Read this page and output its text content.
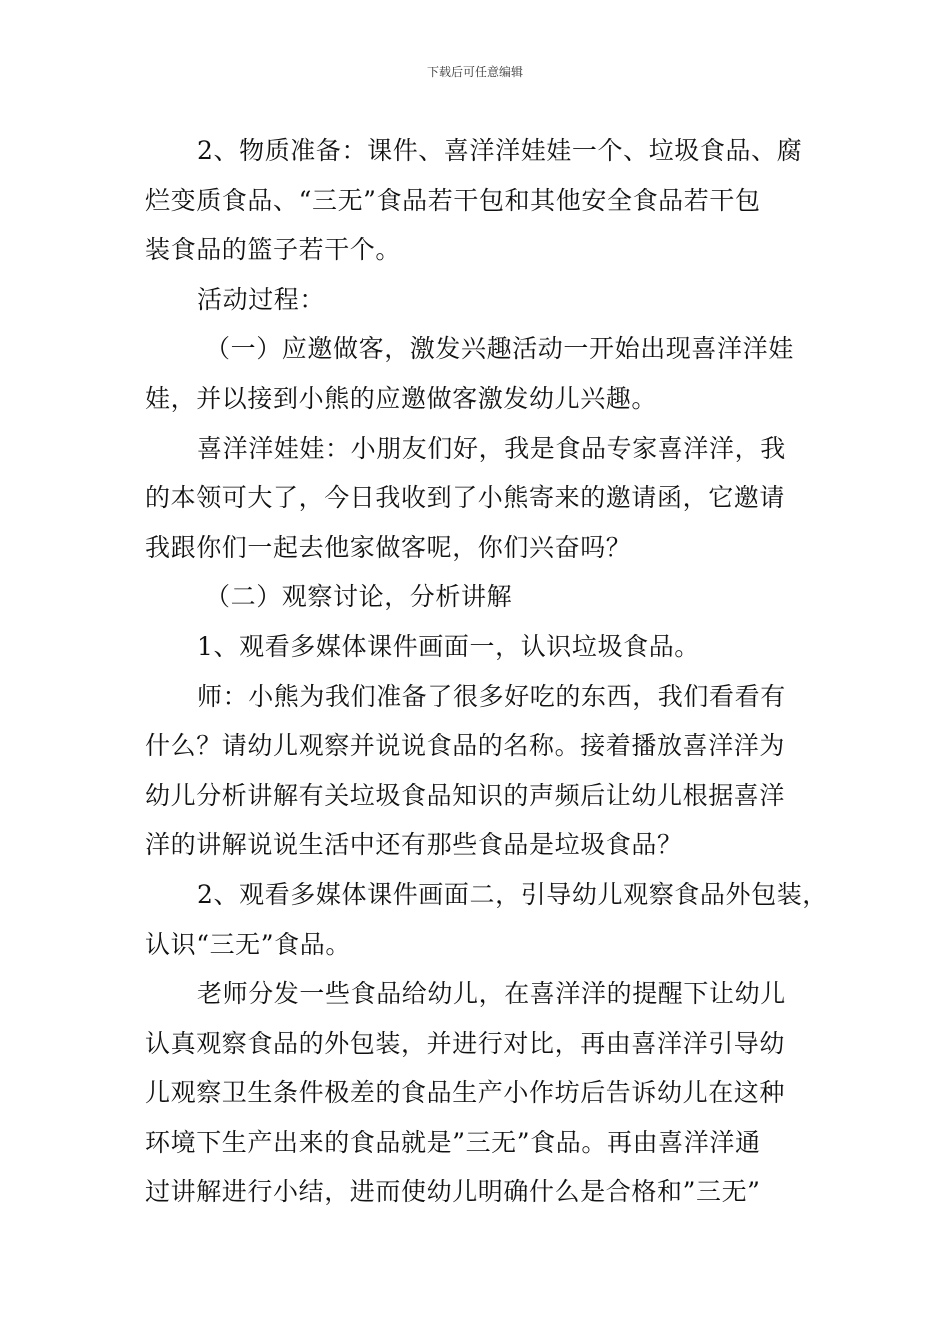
下载后可任意编辑
2、物质准备：课件、喜洋洋娃娃一个、垃圾食品、腐
烂变质食品、“三无”食品若干包和其他安全食品若干包
装食品的篮子若干个。
活动过程：
（一）应邀做客，激发兴趣活动一开始出现喜洋洋娃
娃，并以接到小熊的应邀做客激发幼儿兴趣。
喜洋洋娃娃：小朋友们好，我是食品专家喜洋洋，我
的本领可大了，今日我收到了小熊寄来的邀请函，它邀请
我跟你们一起去他家做客呢，你们兴奋吗？
（二）观察讨论，分析讲解
1、观看多媒体课件画面一，认识垃圾食品。
师：小熊为我们准备了很多好吃的东西，我们看看有
什么？请幼儿观察并说说食品的名称。接着播放喜洋洋为
幼儿分析讲解有关垃圾食品知识的声频后让幼儿根据喜洋
洋的讲解说说生活中还有那些食品是垃圾食品？
2、观看多媒体课件画面二，引导幼儿观察食品外包装，
认识“三无”食品。
老师分发一些食品给幼儿，在喜洋洋的提醒下让幼儿
认真观察食品的外包装，并进行对比，再由喜洋洋引导幼
儿观察卫生条件极差的食品生产小作坊后告诉幼儿在这种
环境下生产出来的食品就是”三无”食品。再由喜洋洋通
过讲解进行小结，进而使幼儿明确什么是合格和”三无”
